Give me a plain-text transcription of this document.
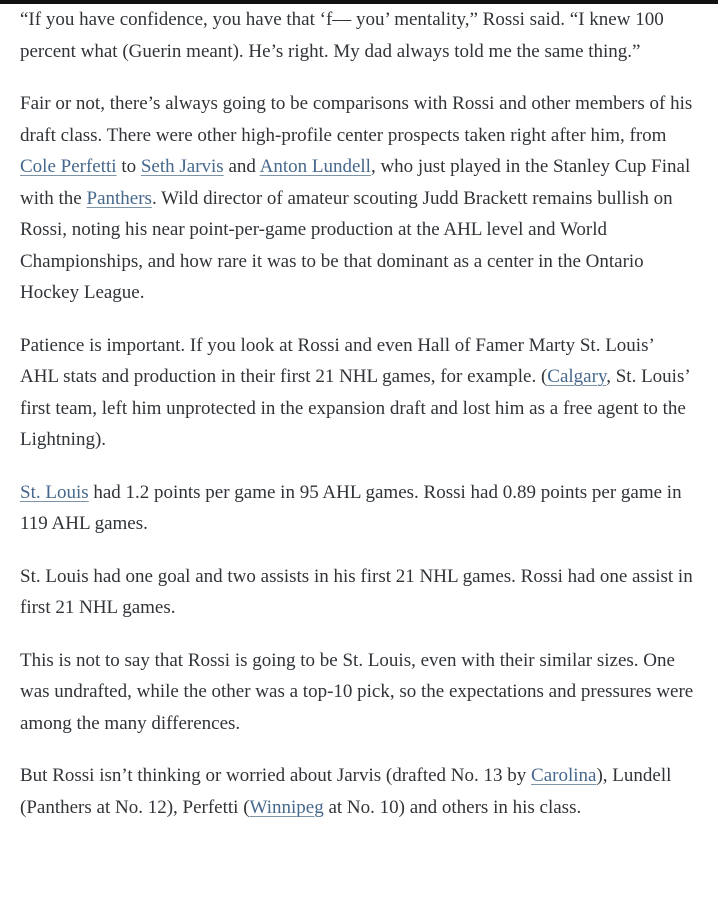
“If you have confidence, you have that ‘f— you’ mentality,” Rossi said. “I knew 100 percent what (Guerin meant). He’s right. My dad always told me the same thing.”

Fair or not, there’s always going to be comparisons with Rossi and other members of his draft class. There were other high-profile center prospects taken right after him, from Cole Perfetti to Seth Jarvis and Anton Lundell, who just played in the Stanley Cup Final with the Panthers. Wild director of amateur scouting Judd Brackett remains bullish on Rossi, noting his near point-per-game production at the AHL level and World Championships, and how rare it was to be that dominant as a center in the Ontario Hockey League.

Patience is important. If you look at Rossi and even Hall of Famer Marty St. Louis’ AHL stats and production in their first 21 NHL games, for example. (Calgary, St. Louis’ first team, left him unprotected in the expansion draft and lost him as a free agent to the Lightning).

St. Louis had 1.2 points per game in 95 AHL games. Rossi had 0.89 points per game in 119 AHL games.

St. Louis had one goal and two assists in his first 21 NHL games. Rossi had one assist in first 21 NHL games.

This is not to say that Rossi is going to be St. Louis, even with their similar sizes. One was undrafted, while the other was a top-10 pick, so the expectations and pressures were among the many differences.

But Rossi isn’t thinking or worried about Jarvis (drafted No. 13 by Carolina), Lundell (Panthers at No. 12), Perfetti (Winnipeg at No. 10) and others in his class.
